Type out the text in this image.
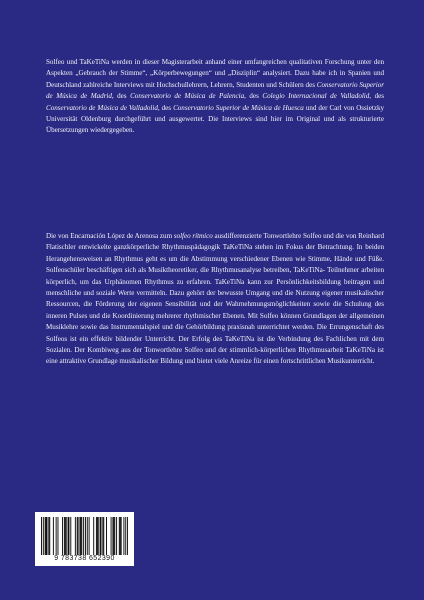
Solfeo und TaKeTiNa werden in dieser Magisterarbeit anhand einer umfangreichen qualitativen Forschung unter den Aspekten „Gebrauch der Stimme“, „Körperbewegungen“ und „Disziplin“ analysiert. Dazu habe ich in Spanien und Deutschland zahlreiche Interviews mit Hochschullehrern, Lehrern, Studenten und Schülern des Conservatorio Superior de Música de Madrid, des Conservatorio de Música de Palencia, des Colegio Internacional de Valladolid, des Conservatorio de Música de Valladolid, des Conservatorio Superior de Música de Huesca und der Carl von Ossietzky Universität Oldenburg durchgeführt und ausgewertet. Die Interviews sind hier im Original und als strukturierte Übersetzungen wiedergegeben.
Die von Encarnación López de Arenosa zum solfeo rítmico ausdifferenzierte Tonwortlehre Solfeo und die von Reinhard Flatischler entwickelte ganzkörperliche Rhythmuspädagogik TaKeTiNa stehen im Fokus der Betrachtung. In beiden Herangehensweisen an Rhythmus geht es um die Abstimmung verschiedener Ebenen wie Stimme, Hände und Füße. Solfeoschüler beschäftigen sich als Musiktheoretiker, die Rhythmusanalyse betreiben, TaKeTiNa- Teilnehmer arbeiten körperlich, um das Urphänomen Rhythmus zu erfahren. TaKeTiNa kann zur Persönlichkeitsbildung beitragen und menschliche und soziale Werte vermitteln. Dazu gehört der bewusste Umgang und die Nutzung eigener musikalischer Ressourcen, die Förderung der eigenen Sensibilität und der Wahrnehmungsmöglichkeiten sowie die Schulung des inneren Pulses und die Koordinierung mehrerer rhythmischer Ebenen. Mit Solfeo können Grundlagen der allgemeinen Musiklehre sowie das Instrumentalspiel und die Gehörbildung praxisnah unterrichtet werden. Die Errungenschaft des Solfeos ist ein effektiv bildender Unterricht. Der Erfolg des TaKeTiNa ist die Verbindung des Fachlichen mit dem Sozialen. Der Kombiweg aus der Tonwortlehre Solfeo und der stimmlich-körperlichen Rhythmusarbeit TaKeTiNa ist eine attraktive Grundlage musikalischer Bildung und bietet viele Anreize für einen fortschrittlichen Musikunterricht.
9 783738 652390
